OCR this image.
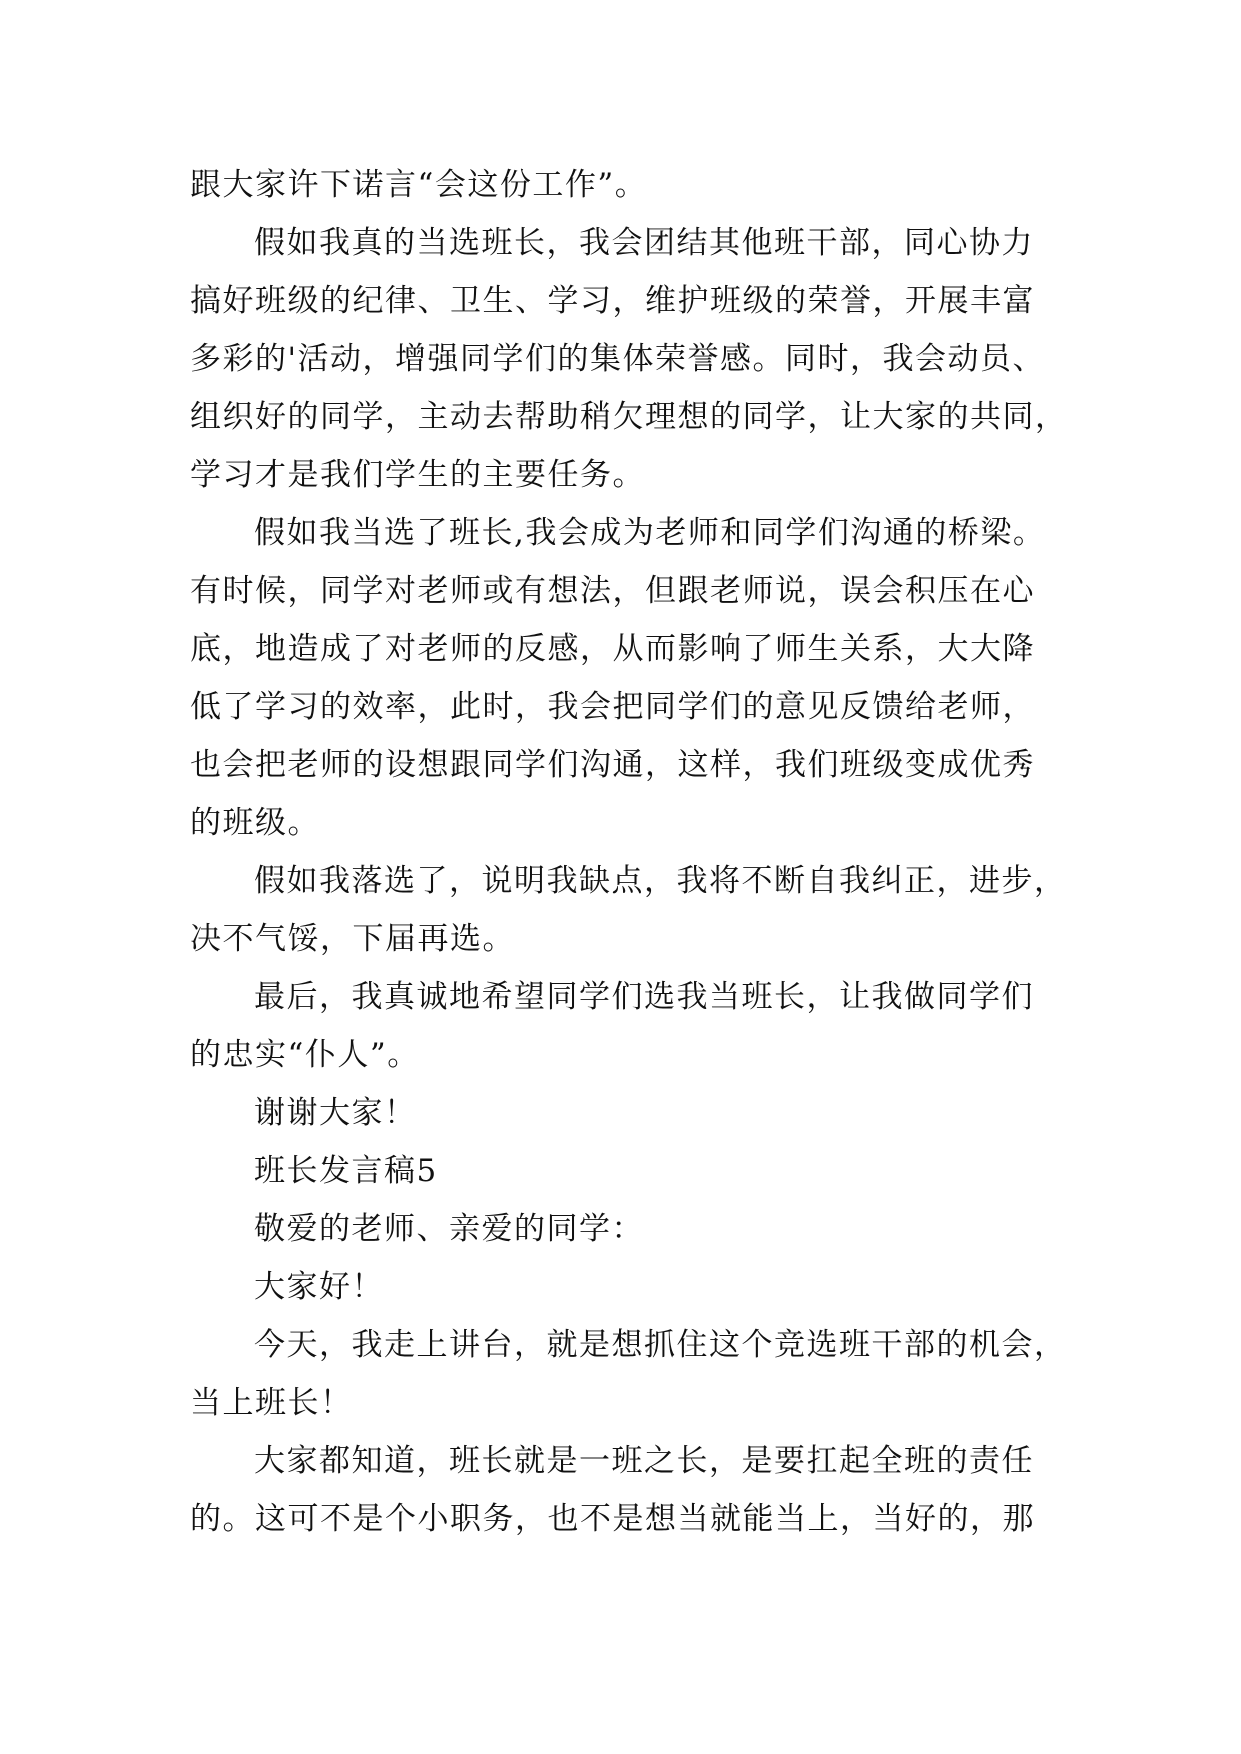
跟大家许下诺言“会这份工作”。
假如我真的当选班长，我会团结其他班干部，同心协力
搞好班级的纪律、卫生、学习，维护班级的荣誉，开展丰富
多彩的'活动，增强同学们的集体荣誉感。同时，我会动员、
组织好的同学，主动去帮助稍欠理想的同学，让大家的共同，
学习才是我们学生的主要任务。
假如我当选了班长,我会成为老师和同学们沟通的桥梁。
有时候，同学对老师或有想法，但跟老师说，误会积压在心
底，地造成了对老师的反感，从而影响了师生关系，大大降
低了学习的效率，此时，我会把同学们的意见反馈给老师，
也会把老师的设想跟同学们沟通，这样，我们班级变成优秀
的班级。
假如我落选了，说明我缺点，我将不断自我纠正，进步，
决不气馁，下届再选。
最后，我真诚地希望同学们选我当班长，让我做同学们
的忠实“仆人”。
谢谢大家！
班长发言稿5
敬爱的老师、亲爱的同学：
大家好！
今天，我走上讲台，就是想抓住这个竞选班干部的机会，
当上班长！
大家都知道，班长就是一班之长，是要扛起全班的责任
的。这可不是个小职务，也不是想当就能当上，当好的，那
